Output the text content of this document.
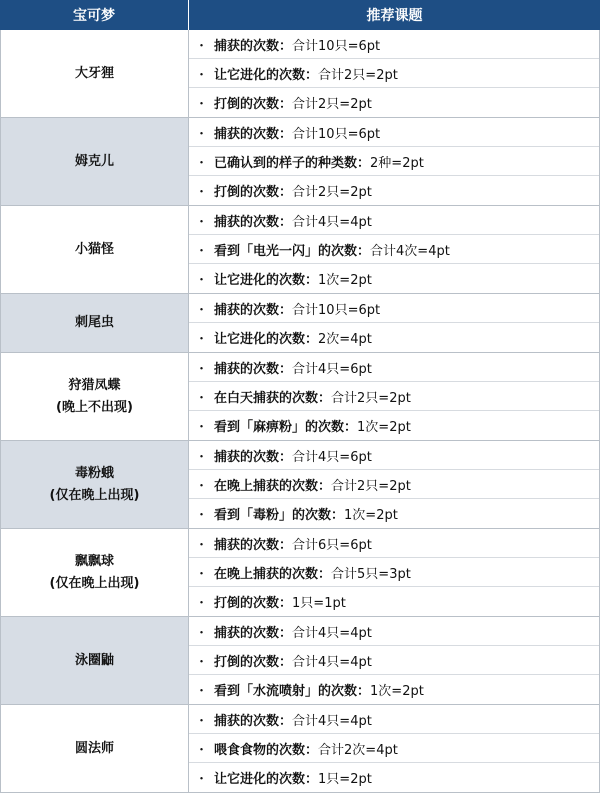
宝可梦	推荐课题
大牙狸
・ 捕获的次数： 合计10只=6pt
・ 让它进化的次数： 合计2只=2pt
・ 打倒的次数： 合计2只=2pt
姆克儿
・ 捕获的次数： 合计10只=6pt
・ 已确认到的样子的种类数： 2种=2pt
・ 打倒的次数： 合计2只=2pt
小猫怪
・ 捕获的次数： 合计4只=4pt
・ 看到「电光一闪」的次数： 合计4次=4pt
・ 让它进化的次数： 1次=2pt
刺尾虫
・ 捕获的次数： 合计10只=6pt
・ 让它进化的次数： 2次=4pt
狩猎凤蝶
(晚上不出现)
・ 捕获的次数： 合计4只=6pt
・ 在白天捕获的次数： 合计2只=2pt
・ 看到「麻痹粉」的次数： 1次=2pt
毒粉蛾
(仅在晚上出现)
・ 捕获的次数： 合计4只=6pt
・ 在晚上捕获的次数： 合计2只=2pt
・ 看到「毒粉」的次数： 1次=2pt
飘飘球
(仅在晚上出现)
・ 捕获的次数： 合计6只=6pt
・ 在晚上捕获的次数： 合计5只=3pt
・ 打倒的次数： 1只=1pt
泳圈鼬
・ 捕获的次数： 合计4只=4pt
・ 打倒的次数： 合计4只=4pt
・ 看到「水流喷射」的次数： 1次=2pt
圆法师
・ 捕获的次数： 合计4只=4pt
・ 喂食食物的次数： 合计2次=4pt
・ 让它进化的次数： 1只=2pt
